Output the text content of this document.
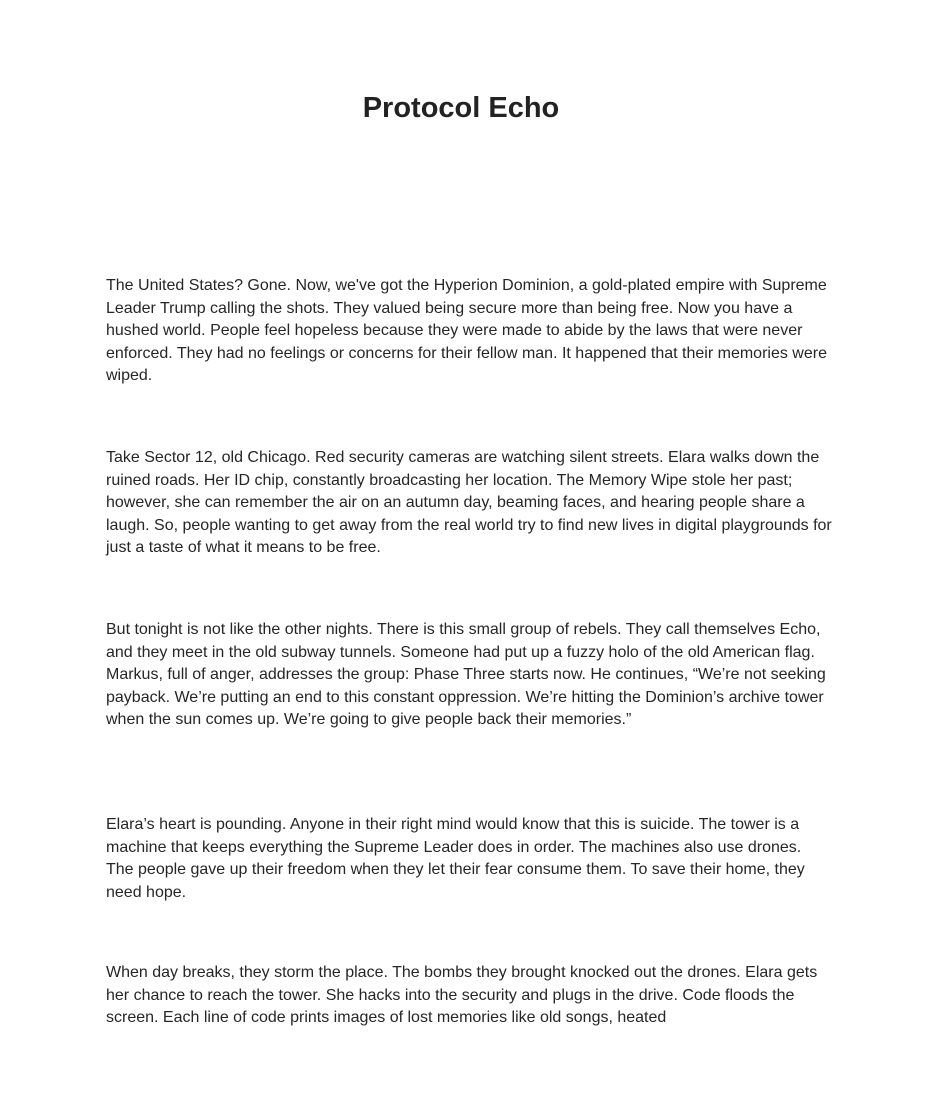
Protocol Echo

The United States? Gone. Now, we've got the Hyperion Dominion, a gold-plated empire with Supreme Leader Trump calling the shots. They valued being secure more than being free. Now you have a hushed world. People feel hopeless because they were made to abide by the laws that were never enforced. They had no feelings or concerns for their fellow man. It happened that their memories were wiped.

Take Sector 12, old Chicago. Red security cameras are watching silent streets. Elara walks down the ruined roads. Her ID chip, constantly broadcasting her location. The Memory Wipe stole her past; however, she can remember the air on an autumn day, beaming faces, and hearing people share a laugh. So, people wanting to get away from the real world try to find new lives in digital playgrounds for just a taste of what it means to be free.

But tonight is not like the other nights. There is this small group of rebels. They call themselves Echo, and they meet in the old subway tunnels. Someone had put up a fuzzy holo of the old American flag. Markus, full of anger, addresses the group: Phase Three starts now. He continues, “We’re not seeking payback. We’re putting an end to this constant oppression. We’re hitting the Dominion’s archive tower when the sun comes up. We’re going to give people back their memories.”

Elara’s heart is pounding. Anyone in their right mind would know that this is suicide. The tower is a machine that keeps everything the Supreme Leader does in order. The machines also use drones. The people gave up their freedom when they let their fear consume them. To save their home, they need hope.

When day breaks, they storm the place. The bombs they brought knocked out the drones. Elara gets her chance to reach the tower. She hacks into the security and plugs in the drive. Code floods the screen. Each line of code prints images of lost memories like old songs, heated
